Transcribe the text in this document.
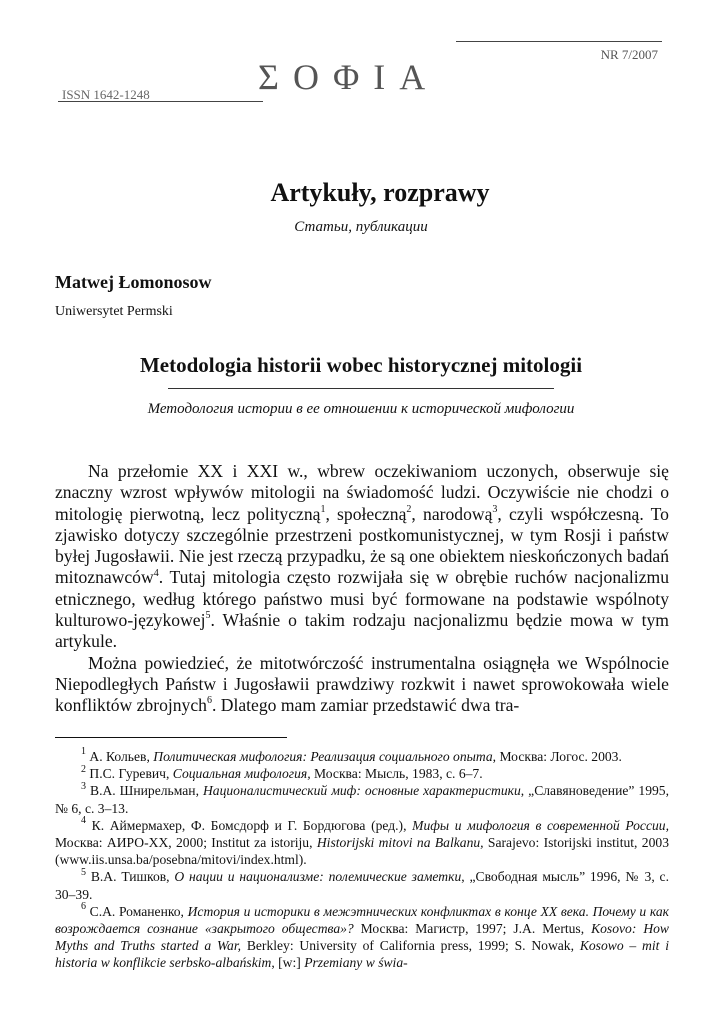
NR 7/2007
ΣΟΦΙΑ
ISSN 1642-1248
Artykuły, rozprawy
Статьи, публикации
Matwej Łomonosow
Uniwersytet Permski
Metodologia historii wobec historycznej mitologii
Методология истории в ее отношении к исторической мифологии

Na przełomie XX i XXI w., wbrew oczekiwaniom uczonych, obserwuje się znaczny wzrost wpływów mitologii na świadomość ludzi. Oczywiście nie chodzi o mitologię pierwotną, lecz polityczną$^1$, społeczną$^2$, narodową$^3$, czyli współczesną. To zjawisko dotyczy szczególnie przestrzeni postkomunistycznej, w tym Rosji i państw byłej Jugosławii. Nie jest rzeczą przypadku, że są one obiektem nieskończonych badań mitoznawców$^4$. Tutaj mitologia często rozwijała się w obrębie ruchów nacjonalizmu etnicznego, według którego państwo musi być formowane na podstawie wspólnoty kulturowo-językowej$^5$. Właśnie o takim rodzaju nacjonalizmu będzie mowa w tym artykule.

Można powiedzieć, że mitotwórczość instrumentalna osiągnęła we Wspólnocie Niepodległych Państw i Jugosławii prawdziwy rozkwit i nawet sprowokowała wiele konfliktów zbrojnych$^6$. Dlatego mam zamiar przedstawić dwa tra-

$^1$ А. Кольев, Политическая мифология: Реализация социального опыта, Москва: Логос. 2003.

$^2$ П.С. Гуревич, Социальная мифология, Москва: Мысль, 1983, с. 6–7.

$^3$ В.А. Шнирельман, Националистический миф: основные характеристики, „Славяноведение” 1995, № 6, с. 3–13.

$^4$ К. Аймермахер, Ф. Бомсдорф и Г. Бордюгова (ред.), Мифы и мифология в современной России, Москва: АИРО-XX, 2000; Institut za istoriju, Historijski mitovi na Balkanu, Sarajevo: Istorijski institut, 2003 (www.iis.unsa.ba/posebna/mitovi/index.html).

$^5$ В.А. Тишков, О нации и национализме: полемические заметки, „Свободная мысль” 1996, № 3, с. 30–39.

$^6$ С.А. Романенко, История и историки в межэтнических конфликтах в конце XX века. Почему и как возрождается сознание «закрытого общества»? Москва: Магистр, 1997; J.A. Mertus, Kosovo: How Myths and Truths started a War, Berkley: University of California press, 1999; S. Nowak, Kosowo – mit i historia w konflikcie serbsko-albańskim, [w:] Przemiany w świa-
